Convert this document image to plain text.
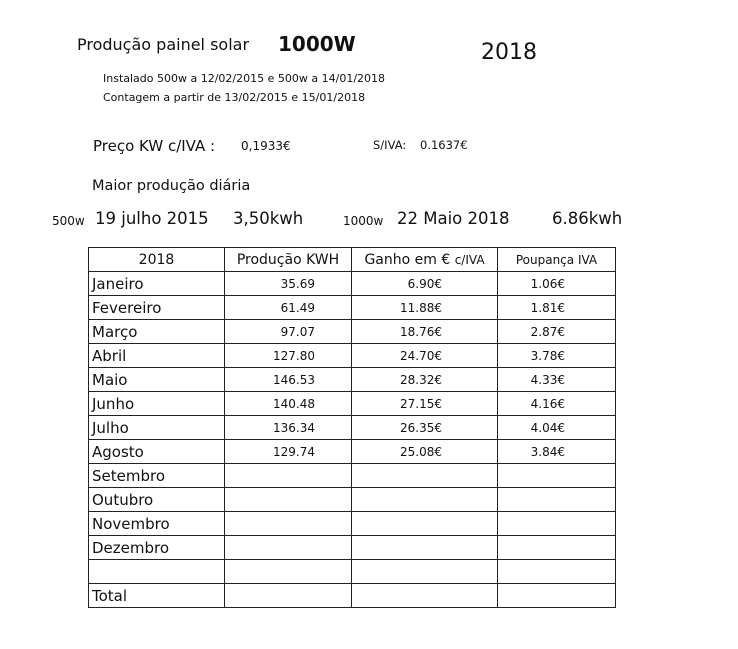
Produção painel solar 1000W	2018
Instalado 500w a 12/02/2015 e 500w a 14/01/2018
Contagem a partir de 13/02/2015 e 15/01/2018
Preço KW c/IVA : 0,1933€	S/IVA: 0.1637€
Maior produção diária
500w 19 julho 2015 3,50kwh	1000w 22 Maio 2018	6.86kwh
2018	Produção KWH	Ganho em € c/IVA	Poupança IVA
Janeiro	35.69	6.90€	1.06€
Fevereiro	61.49	11.88€	1.81€
Março	97.07	18.76€	2.87€
Abril	127.80	24.70€	3.78€
Maio	146.53	28.32€	4.33€
Junho	140.48	27.15€	4.16€
Julho	136.34	26.35€	4.04€
Agosto	129.74	25.08€	3.84€
Setembro			
Outubro			
Novembro			
Dezembro			

Total			
